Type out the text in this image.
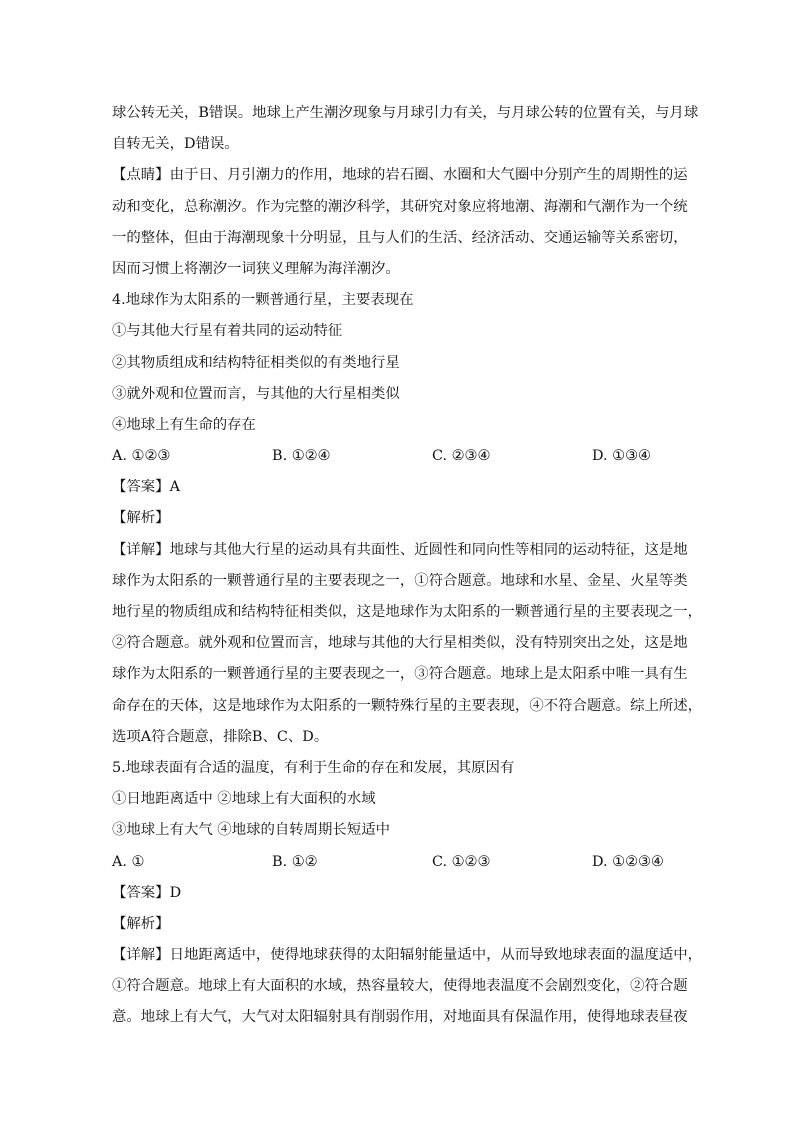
球公转无关，B错误。地球上产生潮汐现象与月球引力有关，与月球公转的位置有关，与月球
自转无关，D错误。
【点睛】由于日、月引潮力的作用，地球的岩石圈、水圈和大气圈中分别产生的周期性的运
动和变化，总称潮汐。作为完整的潮汐科学，其研究对象应将地潮、海潮和气潮作为一个统
一的整体，但由于海潮现象十分明显，且与人们的生活、经济活动、交通运输等关系密切，
因而习惯上将潮汐一词狭义理解为海洋潮汐。
4.地球作为太阳系的一颗普通行星，主要表现在
①与其他大行星有着共同的运动特征
②其物质组成和结构特征相类似的有类地行星
③就外观和位置而言，与其他的大行星相类似
④地球上有生命的存在
A. ①②③	B. ①②④	C. ②③④	D. ①③④
【答案】A
【解析】
【详解】地球与其他大行星的运动具有共面性、近圆性和同向性等相同的运动特征，这是地
球作为太阳系的一颗普通行星的主要表现之一，①符合题意。地球和水星、金星、火星等类
地行星的物质组成和结构特征相类似，这是地球作为太阳系的一颗普通行星的主要表现之一，
②符合题意。就外观和位置而言，地球与其他的大行星相类似，没有特别突出之处，这是地
球作为太阳系的一颗普通行星的主要表现之一，③符合题意。地球上是太阳系中唯一具有生
命存在的天体，这是地球作为太阳系的一颗特殊行星的主要表现，④不符合题意。综上所述，
选项A符合题意，排除B、C、D。
5.地球表面有合适的温度，有利于生命的存在和发展，其原因有
①日地距离适中 ②地球上有大面积的水域
③地球上有大气 ④地球的自转周期长短适中
A. ①	B. ①②	C. ①②③	D. ①②③④
【答案】D
【解析】
【详解】日地距离适中，使得地球获得的太阳辐射能量适中，从而导致地球表面的温度适中，
①符合题意。地球上有大面积的水域，热容量较大，使得地表温度不会剧烈变化，②符合题
意。地球上有大气，大气对太阳辐射具有削弱作用，对地面具有保温作用，使得地球表昼夜
